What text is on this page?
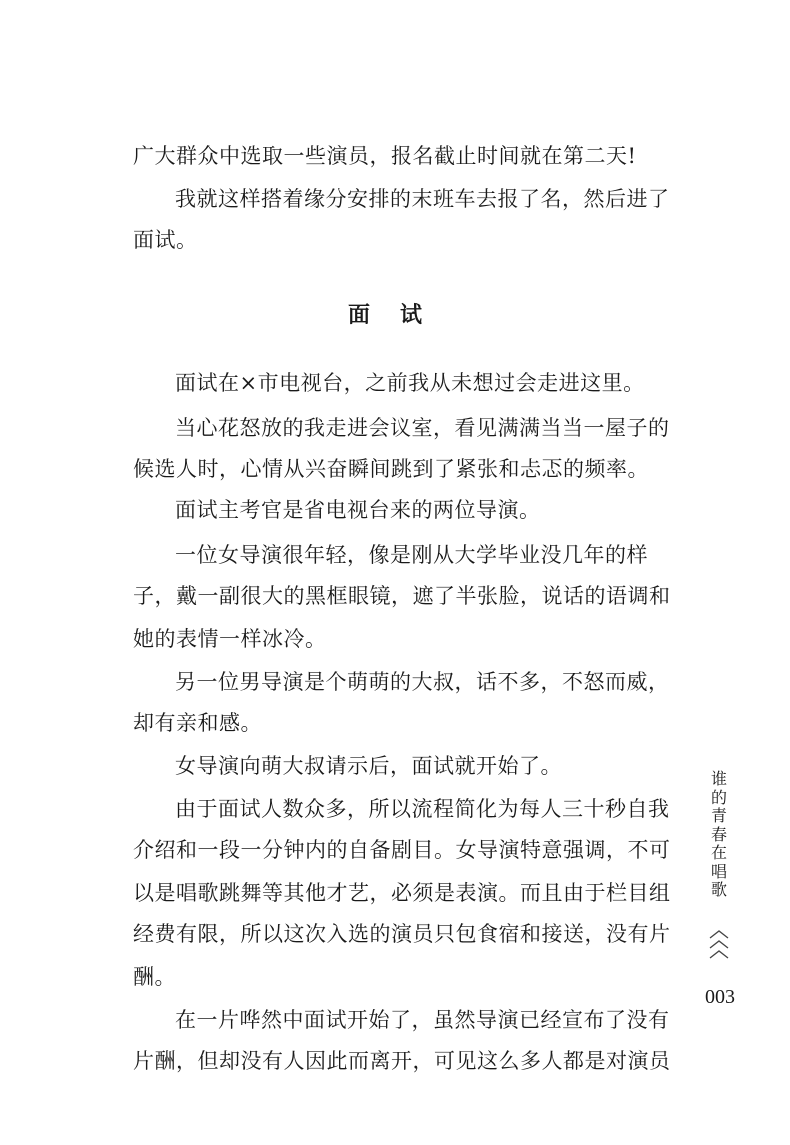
广大群众中选取一些演员，报名截止时间就在第二天!
我就这样搭着缘分安排的末班车去报了名，然后进了
面试。
面试
面试在×市电视台，之前我从未想过会走进这里。
当心花怒放的我走进会议室，看见满满当当一屋子的
候选人时，心情从兴奋瞬间跳到了紧张和忐忑的频率。
面试主考官是省电视台来的两位导演。
一位女导演很年轻，像是刚从大学毕业没几年的样
子，戴一副很大的黑框眼镜，遮了半张脸，说话的语调和
她的表情一样冰冷。
另一位男导演是个萌萌的大叔，话不多，不怒而威，
却有亲和感。
女导演向萌大叔请示后，面试就开始了。
由于面试人数众多，所以流程简化为每人三十秒自我
介绍和一段一分钟内的自备剧目。女导演特意强调，不可
以是唱歌跳舞等其他才艺，必须是表演。而且由于栏目组
经费有限，所以这次入选的演员只包食宿和接送，没有片
酬。
在一片哗然中面试开始了，虽然导演已经宣布了没有
片酬，但却没有人因此而离开，可见这么多人都是对演员
谁的青春在唱歌
003
